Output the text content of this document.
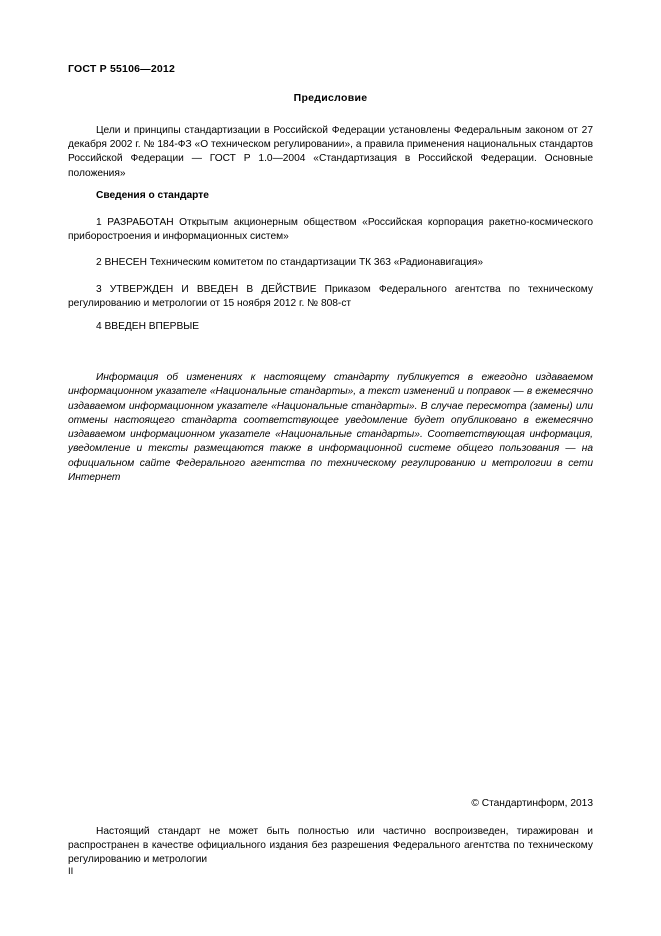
ГОСТ Р 55106—2012
Предисловие
Цели и принципы стандартизации в Российской Федерации установлены Федеральным законом от 27 декабря 2002 г. № 184-ФЗ «О техническом регулировании», а правила применения национальных стандартов Российской Федерации — ГОСТ Р 1.0—2004 «Стандартизация в Российской Федерации. Основные положения»
Сведения о стандарте
1 РАЗРАБОТАН Открытым акционерным обществом «Российская корпорация ракетно-космического приборостроения и информационных систем»
2 ВНЕСЕН Техническим комитетом по стандартизации ТК 363 «Радионавигация»
3 УТВЕРЖДЕН И ВВЕДЕН В ДЕЙСТВИЕ Приказом Федерального агентства по техническому регулированию и метрологии от 15 ноября 2012 г. № 808-ст
4 ВВЕДЕН ВПЕРВЫЕ
Информация об изменениях к настоящему стандарту публикуется в ежегодно издаваемом информационном указателе «Национальные стандарты», а текст изменений и поправок — в ежемесячно издаваемом информационном указателе «Национальные стандарты». В случае пересмотра (замены) или отмены настоящего стандарта соответствующее уведомление будет опубликовано в ежемесячно издаваемом информационном указателе «Национальные стандарты». Соответствующая информация, уведомление и тексты размещаются также в информационной системе общего пользования — на официальном сайте Федерального агентства по техническому регулированию и метрологии в сети Интернет
© Стандартинформ, 2013
Настоящий стандарт не может быть полностью или частично воспроизведен, тиражирован и распространен в качестве официального издания без разрешения Федерального агентства по техническому регулированию и метрологии
II
